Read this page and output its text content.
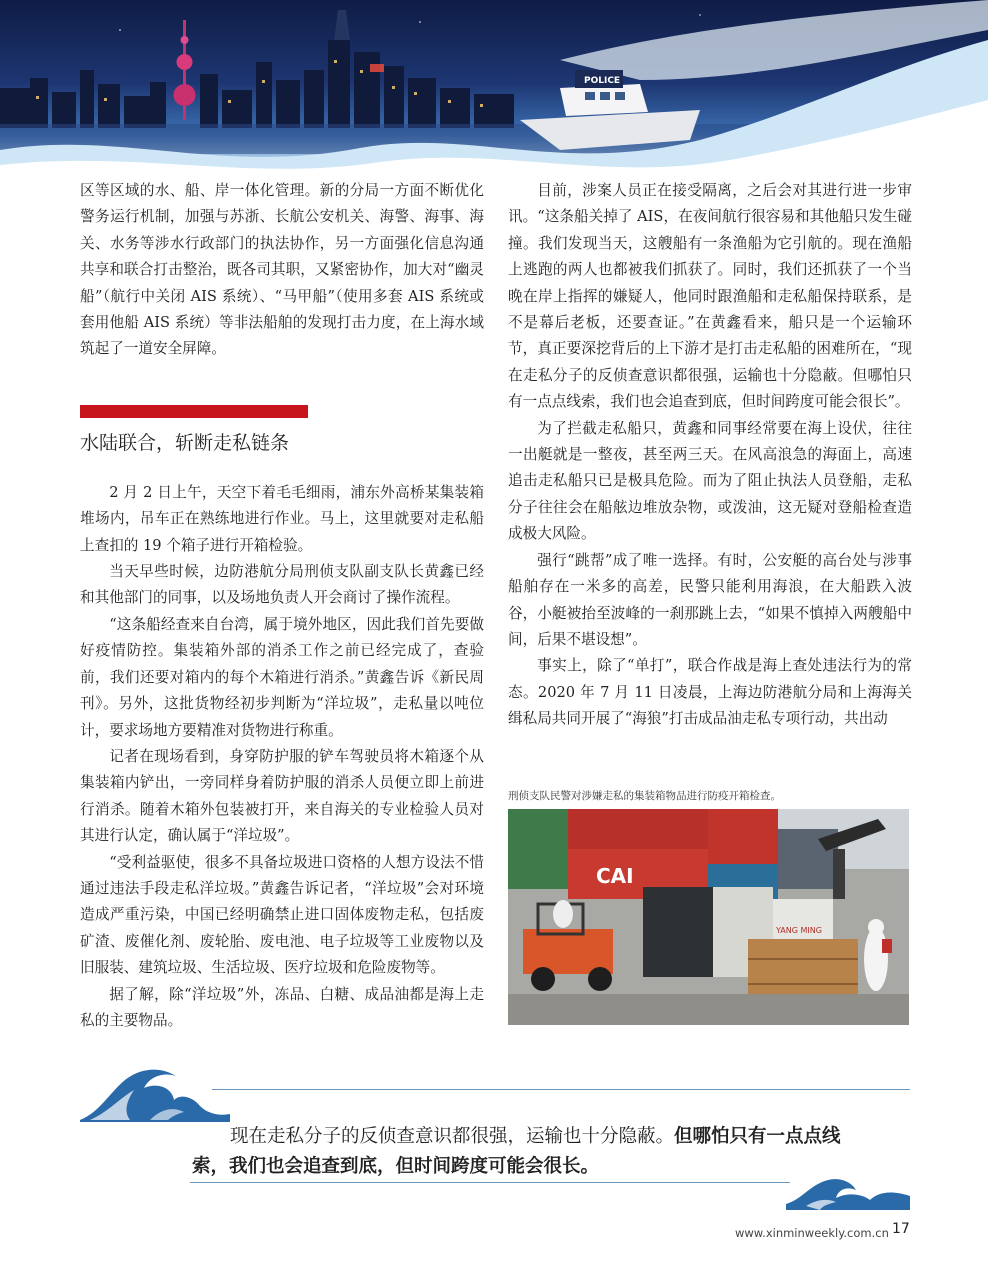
POLICE

区等区域的水、船、岸一体化管理。新的分局一方面不断优化警务运行机制，加强与苏浙、长航公安机关、海警、海事、海关、水务等涉水行政部门的执法协作，另一方面强化信息沟通共享和联合打击整治，既各司其职，又紧密协作，加大对“幽灵船”（航行中关闭 AIS 系统）、“马甲船”（使用多套 AIS 系统或套用他船 AIS 系统）等非法船舶的发现打击力度，在上海水域筑起了一道安全屏障。

水陆联合，斩断走私链条

2 月 2 日上午，天空下着毛毛细雨，浦东外高桥某集装箱堆场内，吊车正在熟练地进行作业。马上，这里就要对走私船上查扣的 19 个箱子进行开箱检验。

当天早些时候，边防港航分局刑侦支队副支队长黄鑫已经和其他部门的同事，以及场地负责人开会商讨了操作流程。

“这条船经查来自台湾，属于境外地区，因此我们首先要做好疫情防控。集装箱外部的消杀工作之前已经完成了，查验前，我们还要对箱内的每个木箱进行消杀。”黄鑫告诉《新民周刊》。另外，这批货物经初步判断为“洋垃圾”，走私量以吨位计，要求场地方要精准对货物进行称重。

记者在现场看到，身穿防护服的铲车驾驶员将木箱逐个从集装箱内铲出，一旁同样身着防护服的消杀人员便立即上前进行消杀。随着木箱外包装被打开，来自海关的专业检验人员对其进行认定，确认属于“洋垃圾”。

“受利益驱使，很多不具备垃圾进口资格的人想方设法不惜通过违法手段走私洋垃圾。”黄鑫告诉记者，“洋垃圾”会对环境造成严重污染，中国已经明确禁止进口固体废物走私，包括废矿渣、废催化剂、废轮胎、废电池、电子垃圾等工业废物以及旧服装、建筑垃圾、生活垃圾、医疗垃圾和危险废物等。

据了解，除“洋垃圾”外，冻品、白糖、成品油都是海上走私的主要物品。

目前，涉案人员正在接受隔离，之后会对其进行进一步审讯。“这条船关掉了 AIS，在夜间航行很容易和其他船只发生碰撞。我们发现当天，这艘船有一条渔船为它引航的。现在渔船上逃跑的两人也都被我们抓获了。同时，我们还抓获了一个当晚在岸上指挥的嫌疑人，他同时跟渔船和走私船保持联系，是不是幕后老板，还要查证。”在黄鑫看来，船只是一个运输环节，真正要深挖背后的上下游才是打击走私船的困难所在，“现在走私分子的反侦查意识都很强，运输也十分隐蔽。但哪怕只有一点点线索，我们也会追查到底，但时间跨度可能会很长”。

为了拦截走私船只，黄鑫和同事经常要在海上设伏，往往一出艇就是一整夜，甚至两三天。在风高浪急的海面上，高速追击走私船只已是极具危险。而为了阻止执法人员登船，走私分子往往会在船舷边堆放杂物，或泼油，这无疑对登船检查造成极大风险。

强行“跳帮”成了唯一选择。有时，公安艇的高台处与涉事船舶存在一米多的高差，民警只能利用海浪，在大船跌入波谷，小艇被抬至波峰的一刹那跳上去，“如果不慎掉入两艘船中间，后果不堪设想”。

事实上，除了“单打”，联合作战是海上查处违法行为的常态。2020 年 7 月 11 日凌晨，上海边防港航分局和上海海关缉私局共同开展了“海狼”打击成品油走私专项行动，共出动

刑侦支队民警对涉嫌走私的集装箱物品进行防疫开箱检查。
CAI
YANG MING
现在走私分子的反侦查意识都很强，运输也十分隐蔽。但哪怕只有一点点线索，我们也会追查到底，但时间跨度可能会很长。
www.xinminweekly.com.cn 17
